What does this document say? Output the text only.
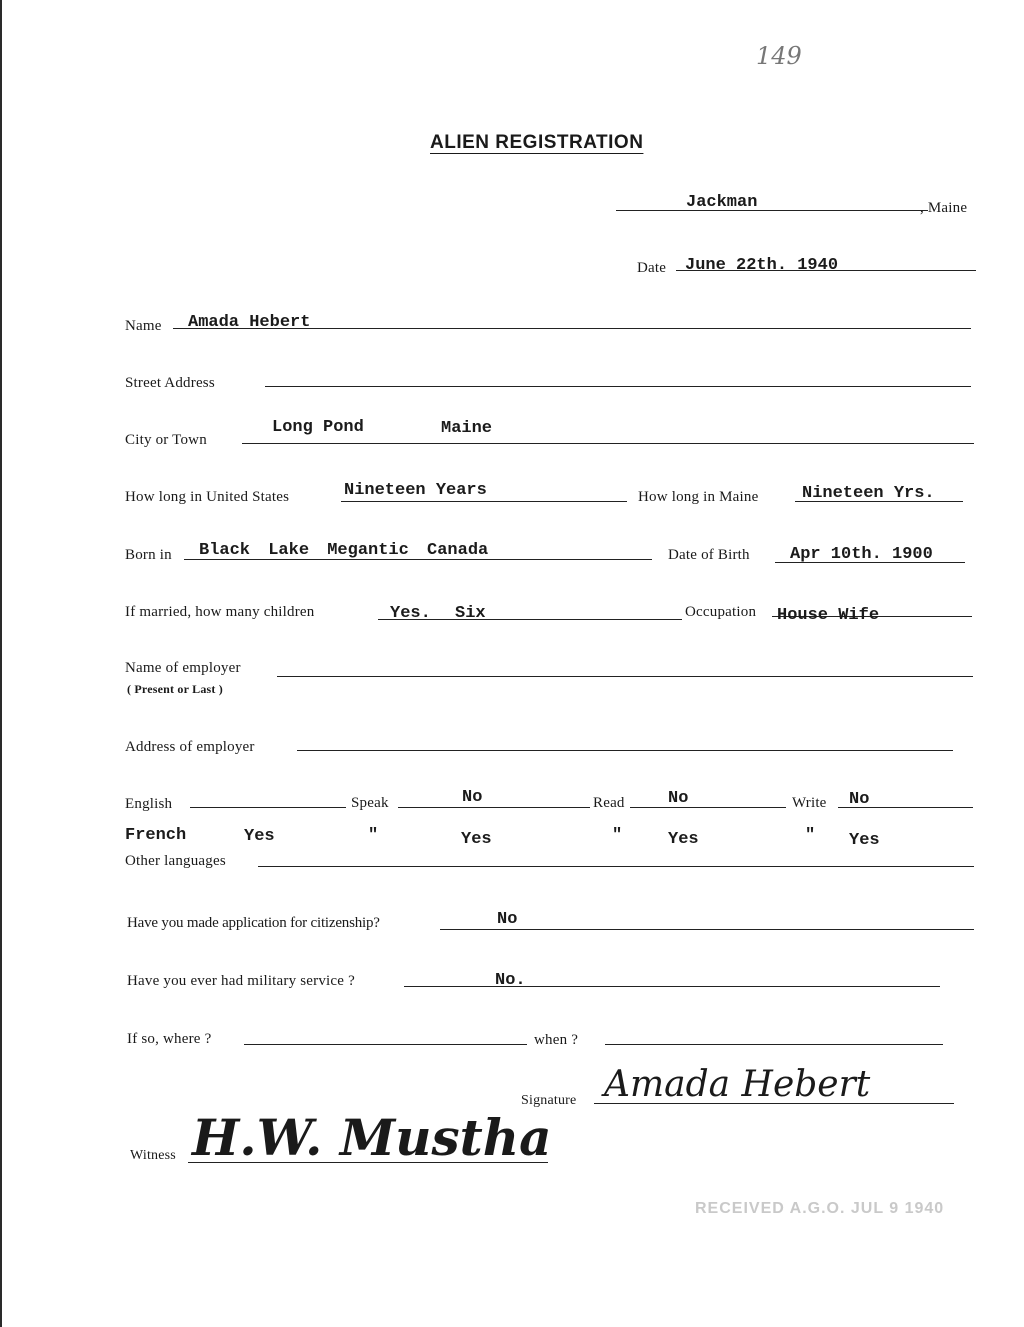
149
ALIEN REGISTRATION
Jackman	, Maine
Date June 22th. 1940
Name Amada Hebert
Street Address
City or Town
Long Pond	Maine
How long in United States	Nineteen Years	How long in Maine	Nineteen Yrs.
Born in Black Lake Megantic Canada	Date of Birth Apr 10th. 1900
If married, how many children	Yes. Six	Occupation House Wife
Name of employer
( Present or Last )
Address of employer
English	Speak	No	Read	No	Write No
French	Yes	"	Yes	"	Yes	" Yes
Other languages
Have you made application for citizenship?	No
Have you ever had military service ?	No.
If so, where ?	when ?
Signature Amada Hebert
Witness H.W. Mustha
RECEIVED A.G.O. JUL 9 1940
